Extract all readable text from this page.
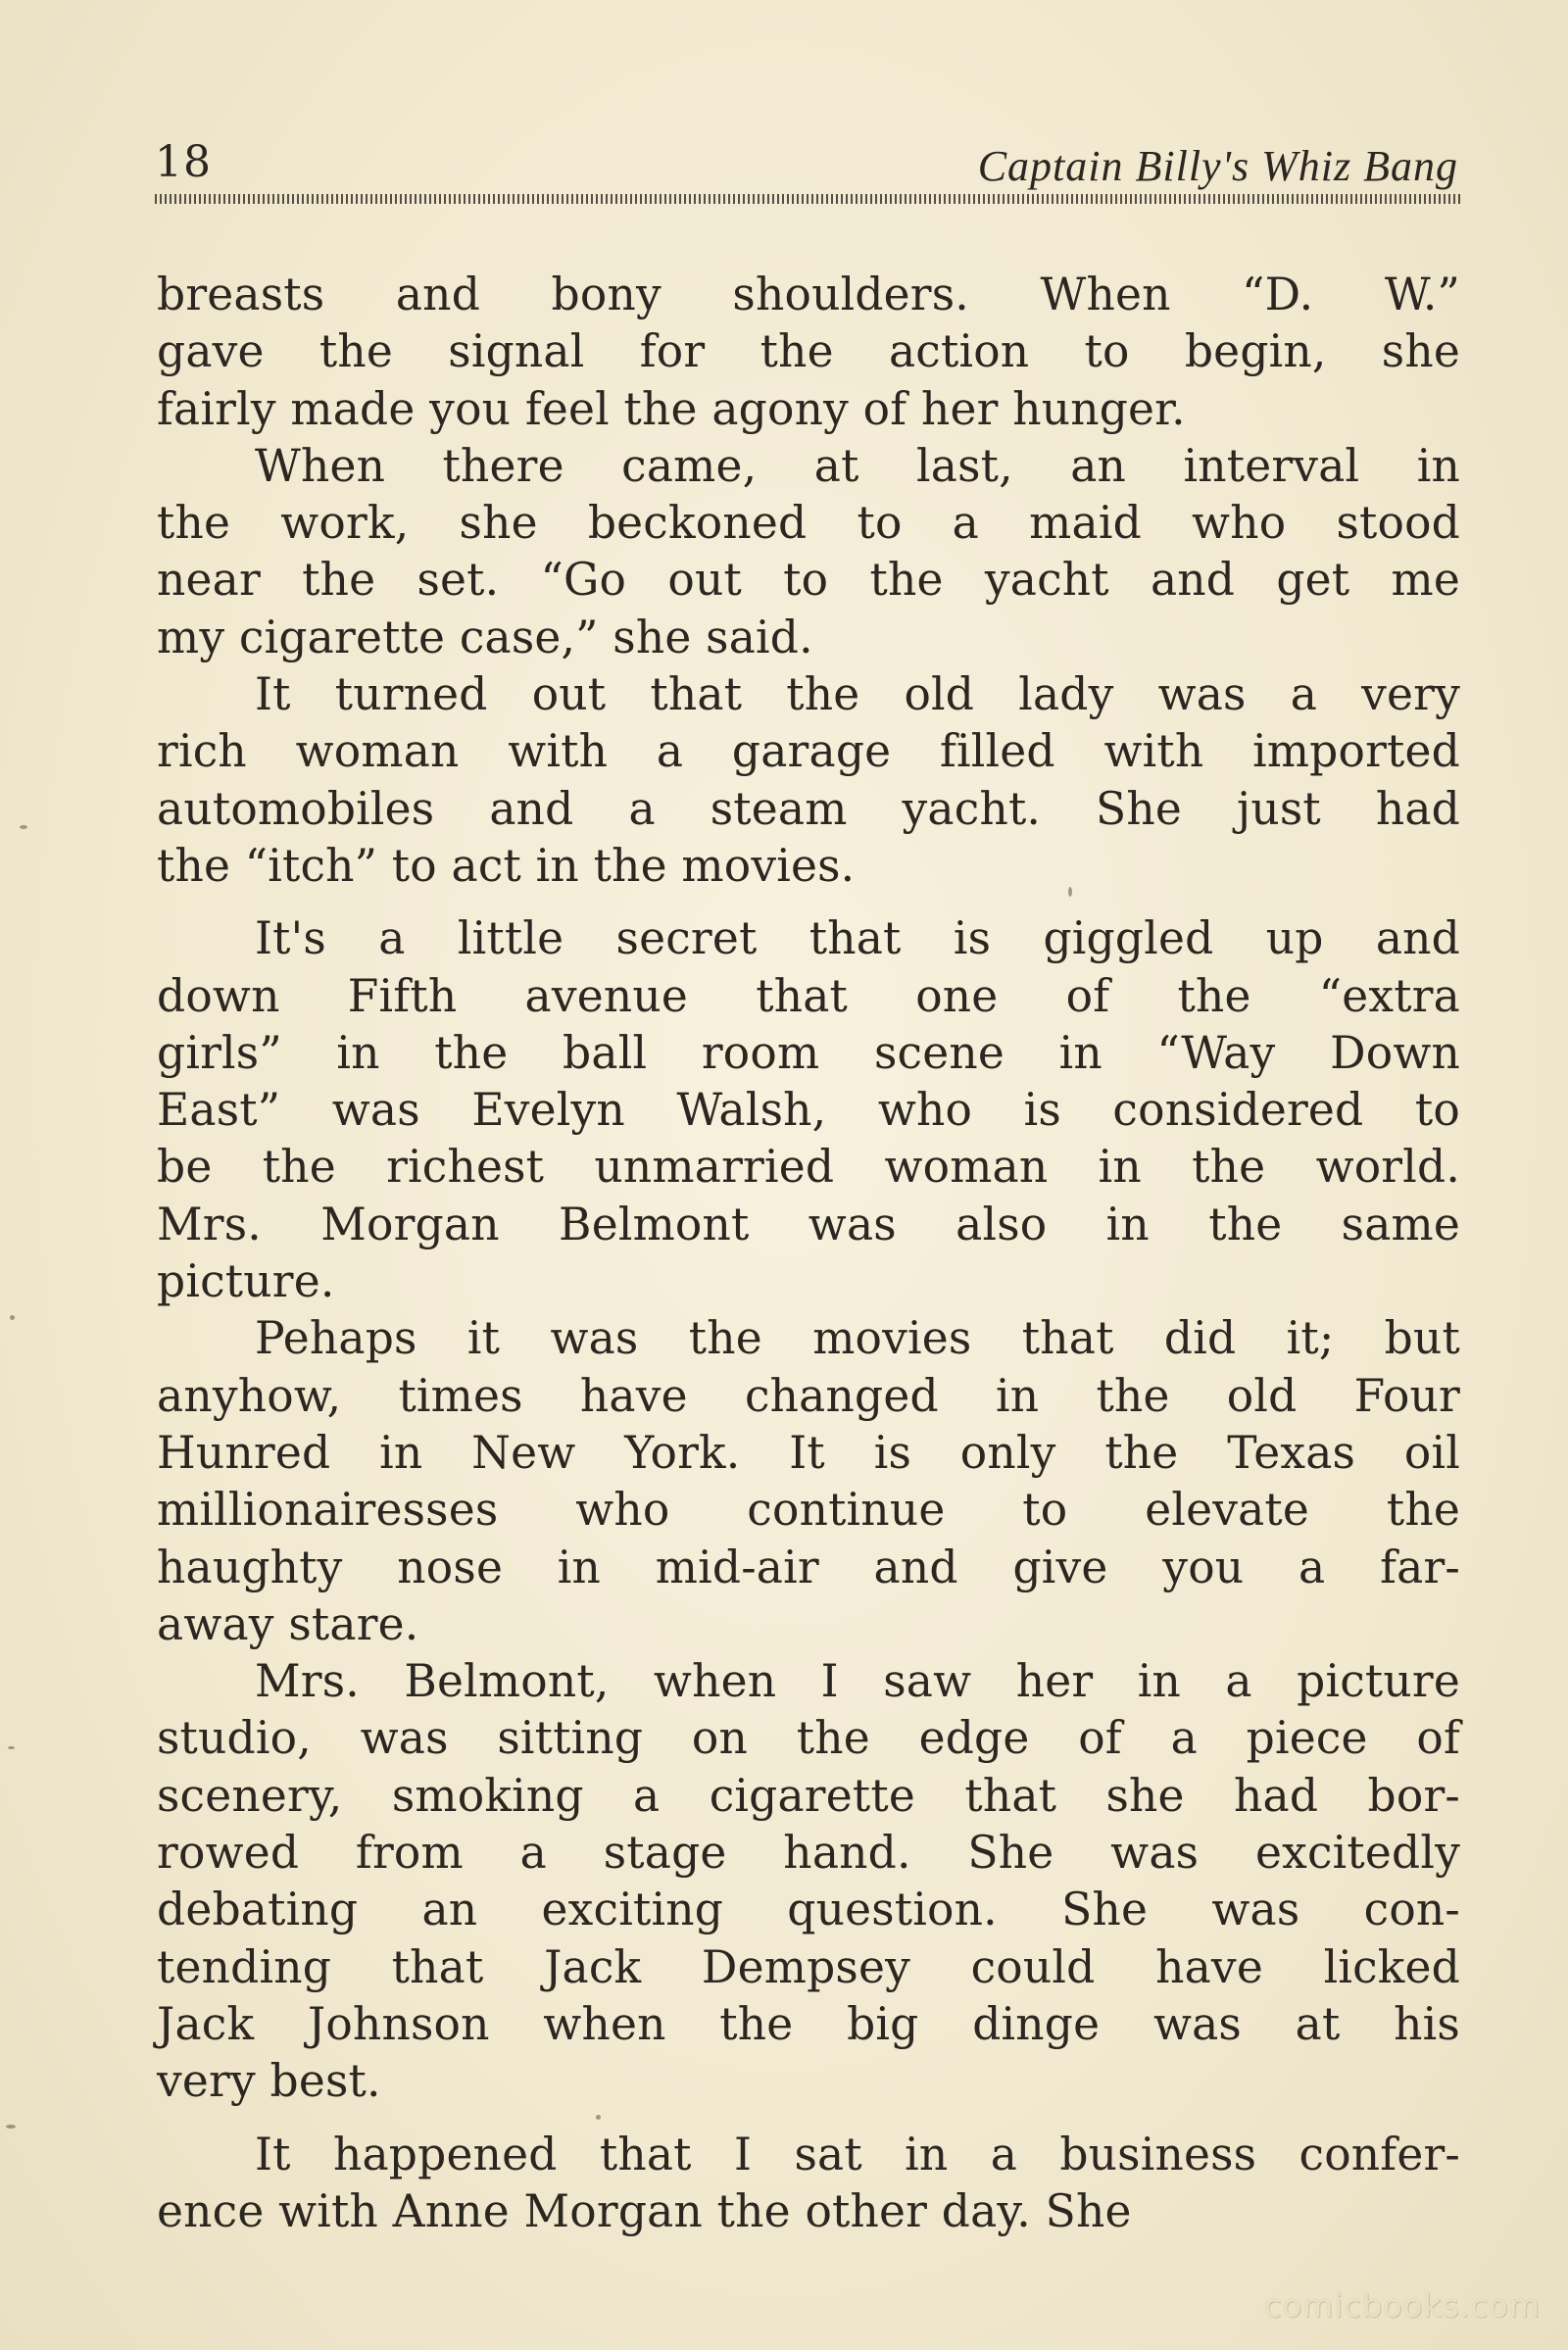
18	Captain Billy's Whiz Bang
breasts and bony shoulders. When “D. W.”
gave the signal for the action to begin, she
fairly made you feel the agony of her hunger.
When there came, at last, an interval in
the work, she beckoned to a maid who stood
near the set. “Go out to the yacht and get me
my cigarette case,” she said.
It turned out that the old lady was a very
rich woman with a garage filled with imported
automobiles and a steam yacht. She just had
the “itch” to act in the movies.
It's a little secret that is giggled up and
down Fifth avenue that one of the “extra
girls” in the ball room scene in “Way Down
East” was Evelyn Walsh, who is considered to
be the richest unmarried woman in the world.
Mrs. Morgan Belmont was also in the same
picture.
Pehaps it was the movies that did it; but
anyhow, times have changed in the old Four
Hunred in New York. It is only the Texas oil
millionairesses who continue to elevate the
haughty nose in mid-air and give you a far-
away stare.
Mrs. Belmont, when I saw her in a picture
studio, was sitting on the edge of a piece of
scenery, smoking a cigarette that she had bor-
rowed from a stage hand. She was excitedly
debating an exciting question. She was con-
tending that Jack Dempsey could have licked
Jack Johnson when the big dinge was at his
very best.
It happened that I sat in a business confer-
ence with Anne Morgan the other day. She
comicbooks.com
